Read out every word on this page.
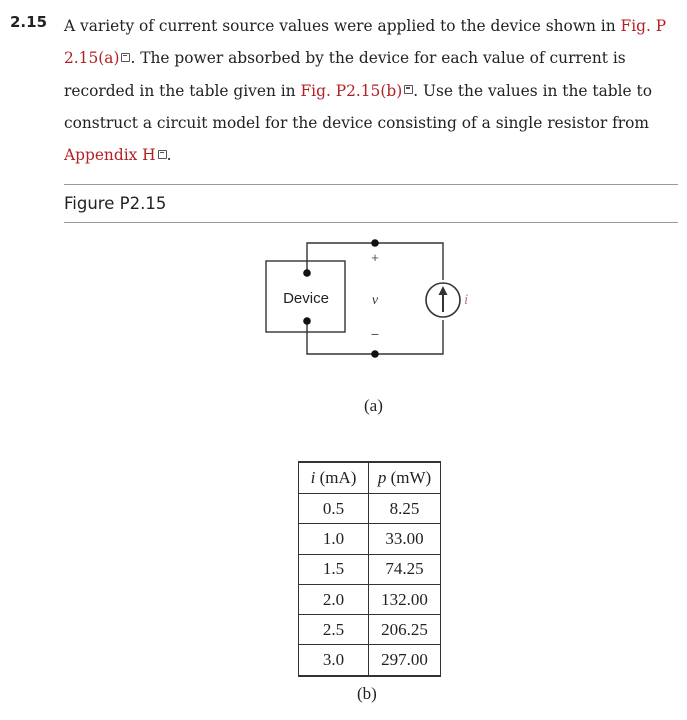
2.15 A variety of current source values were applied to the device shown in Fig. P 2.15(a) . The power absorbed by the device for each value of current is recorded in the table given in Fig. P2.15(b) . Use the values in the table to construct a circuit model for the device consisting of a single resistor from Appendix H .
Figure P2.15
Device
+
v
−
i
(a)
i (mA)	p (mW)
0.5	8.25
1.0	33.00
1.5	74.25
2.0	132.00
2.5	206.25
3.0	297.00
(b)
